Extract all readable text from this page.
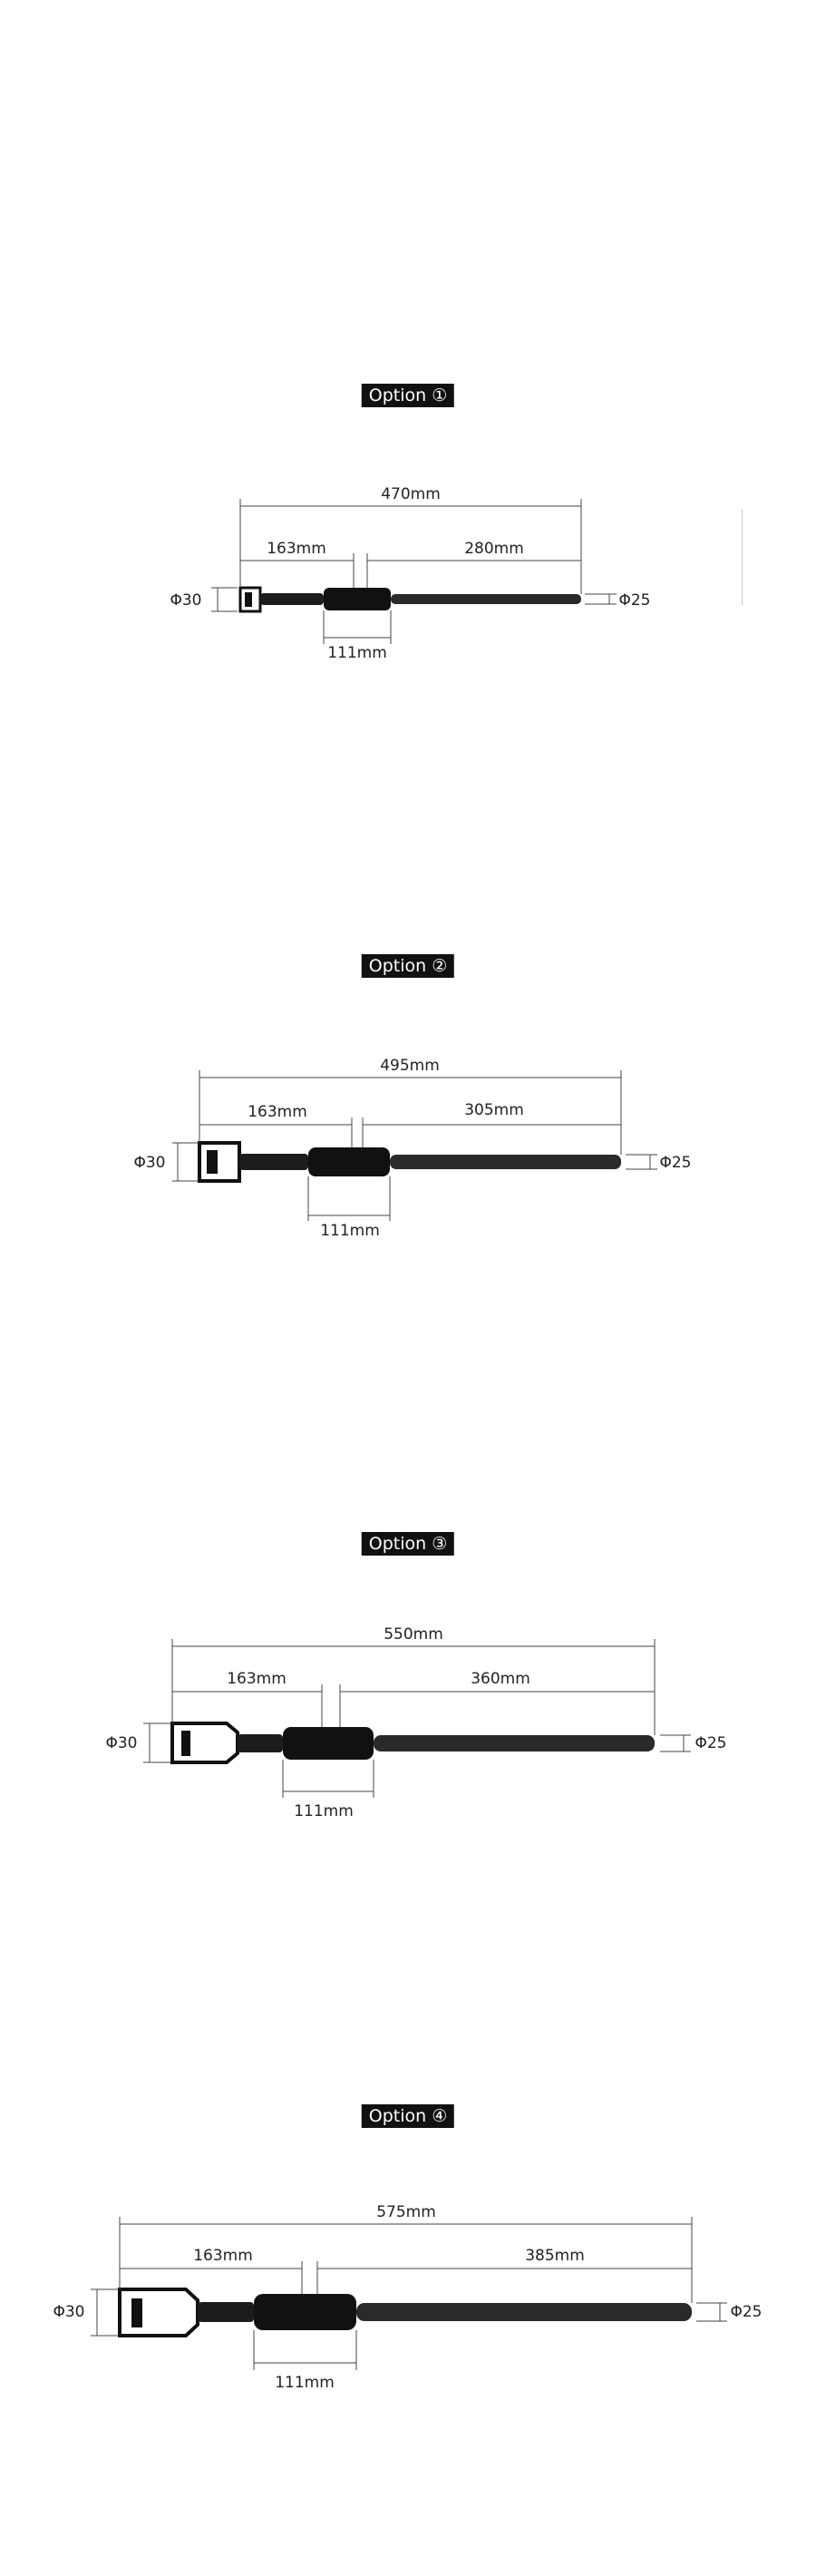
Option ①
470mm
163mm	280mm
111mm
Φ30	Φ25
Option ②
495mm
163mm	305mm
111mm
Φ30	Φ25
Option ③
550mm
163mm	360mm
111mm
Φ30	Φ25
Option ④
575mm
163mm	385mm
111mm
Φ30	Φ25
